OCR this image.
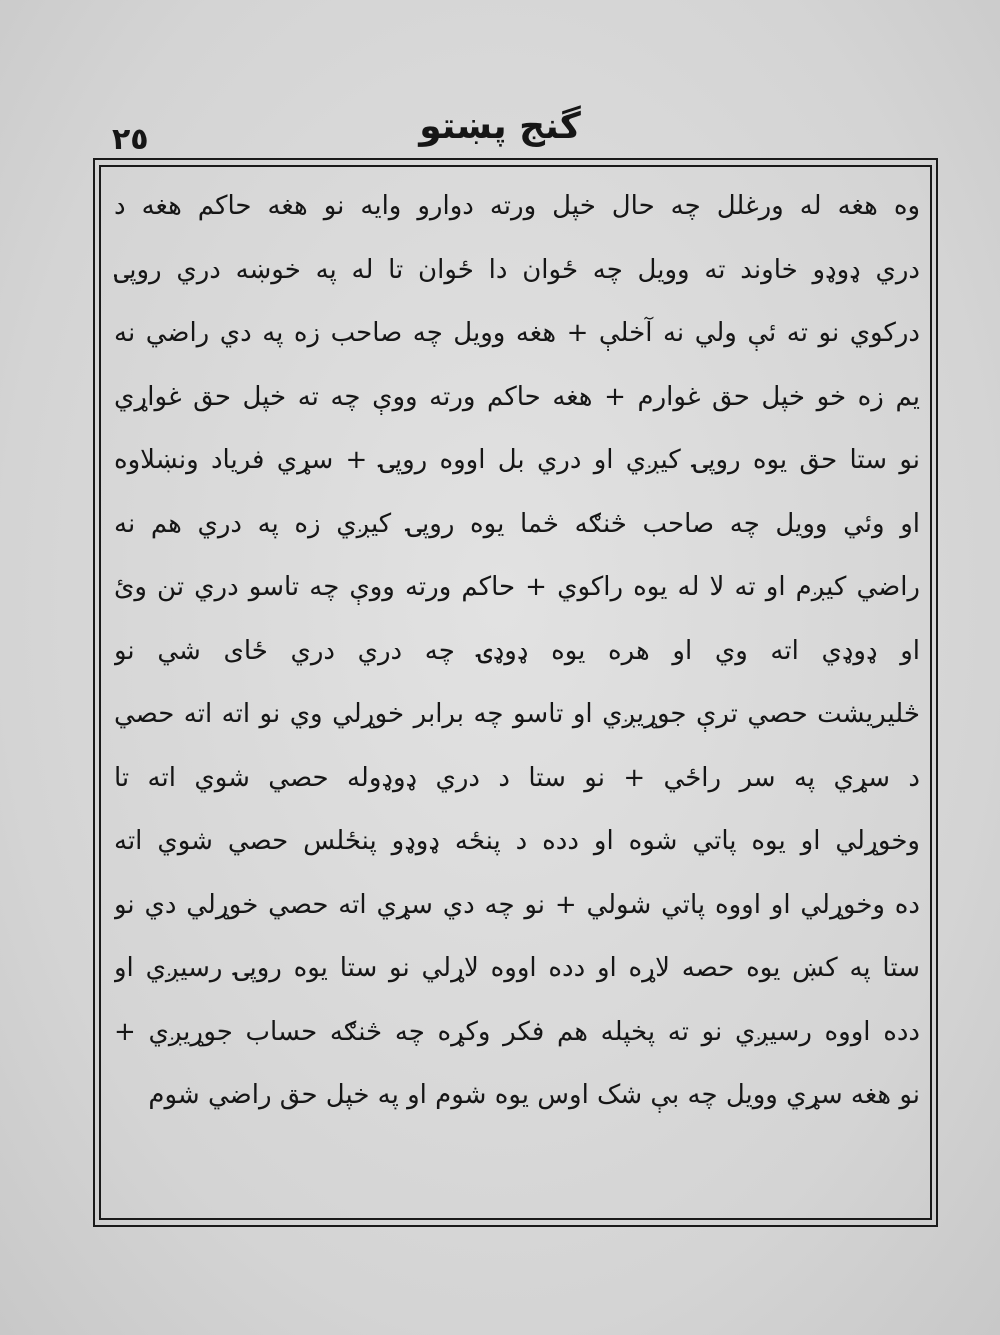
٢٥	گنج پښتو
وه هغه له ورغلل چه حال خپل ورته دوارو وایه نو هغه حاکم هغه د
دري ډوډو خاوند ته وویل چه ځوان دا ځوان تا له په خوښه دري روپۍ
درکوي نو ته ئې ولي نه آخلې + هغه وویل چه صاحب زه په دي راضي نه
یم زه خو خپل حق غوارم + هغه حاکم ورته ووې چه ته خپل حق غواړي
نو ستا حق یوه روپۍ کیږي او دري بل اووه روپۍ + سړي فریاد ونښلاوه
او وئي وویل چه صاحب څنګه څما یوه روپۍ کیږي زه په دري هم نه
راضي کیږم او ته لا له یوه راکوي + حاکم ورته ووې چه تاسو دري تن وئ
او ډوډي اته وي او هره یوه ډوډۍ چه دري دري ځای شي نو
څلیریشت حصي ترې جوړیږي او تاسو چه برابر خوړلي وي نو اته اته حصي
د سړي په سر راځي + نو ستا د دري ډوډوله حصي شوي اته تا
وخوړلي او یوه پاتي شوه او دده د پنځه ډوډو پنځلس حصي شوي اته
ده وخوړلي او اووه پاتي شولي + نو چه دي سړي اته حصي خوړلي دي نو
ستا په کښ یوه حصه لاړه او دده اووه لاړلي نو ستا یوه روپۍ رسیږي او
دده اووه رسیږي نو ته پخپله هم فکر وکړه چه څنګه حساب جوړیږي +
نو هغه سړي وویل چه بې شک اوس یوه شوم او په خپل حق راضي شوم
